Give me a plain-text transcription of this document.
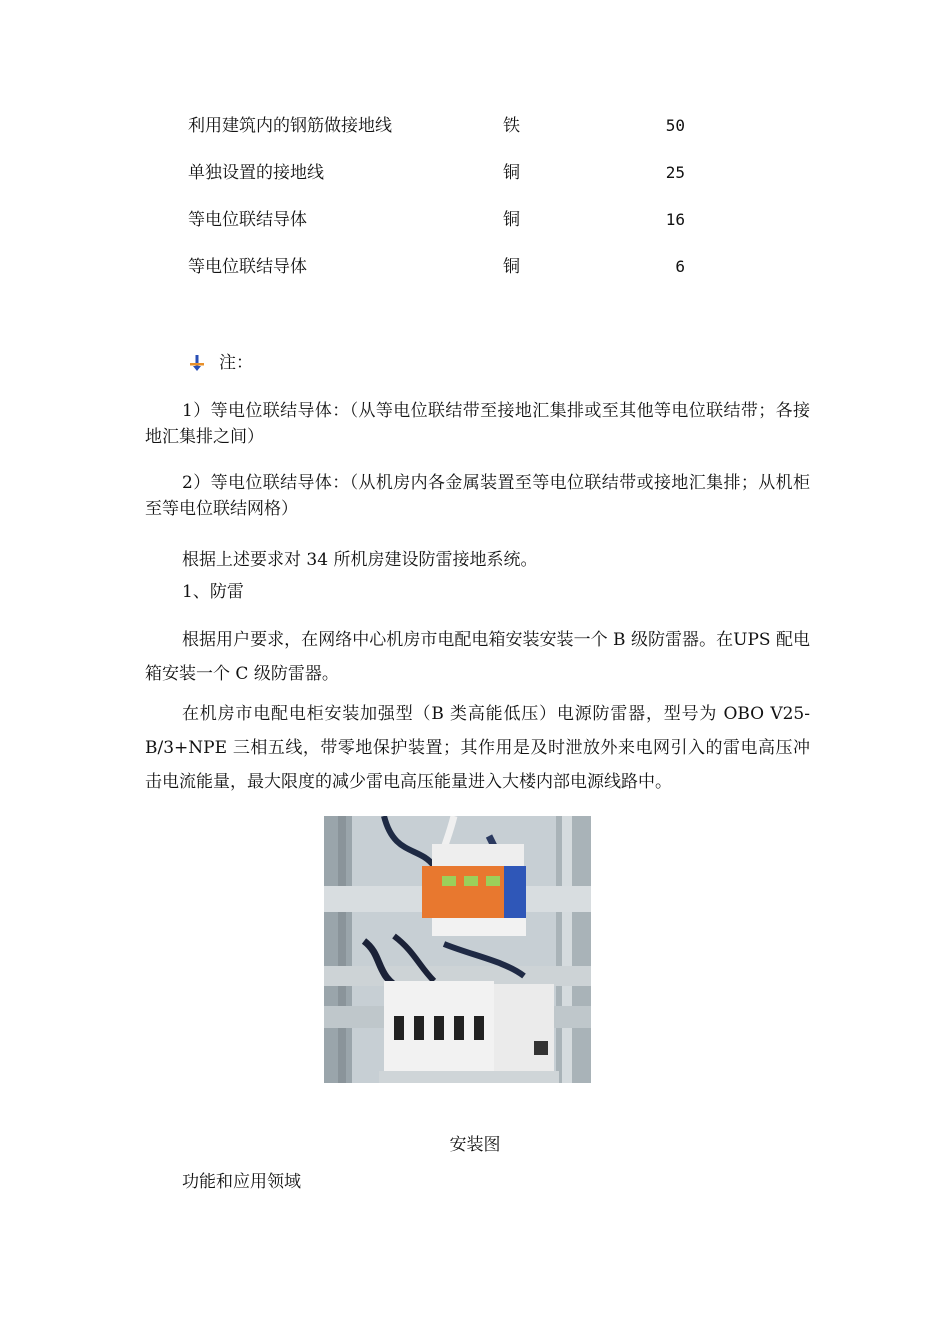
利用建筑内的钢筋做接地线	铁	50
单独设置的接地线	铜	25
等电位联结导体	铜	16
等电位联结导体	铜	6
注：
1）等电位联结导体：（从等电位联结带至接地汇集排或至其他等电位联结带；各接地汇集排之间）
2）等电位联结导体：（从机房内各金属装置至等电位联结带或接地汇集排；从机柜至等电位联结网格）
根据上述要求对 34 所机房建设防雷接地系统。
1、防雷
根据用户要求，在网络中心机房市电配电箱安装安装一个 B 级防雷器。在UPS 配电箱安装一个 C 级防雷器。
在机房市电配电柜安装加强型（B 类高能低压）电源防雷器，型号为 OBO V25-B/3+NPE 三相五线，带零地保护装置；其作用是及时泄放外来电网引入的雷电高压冲击电流能量，最大限度的减少雷电高压能量进入大楼内部电源线路中。
安装图
功能和应用领域
